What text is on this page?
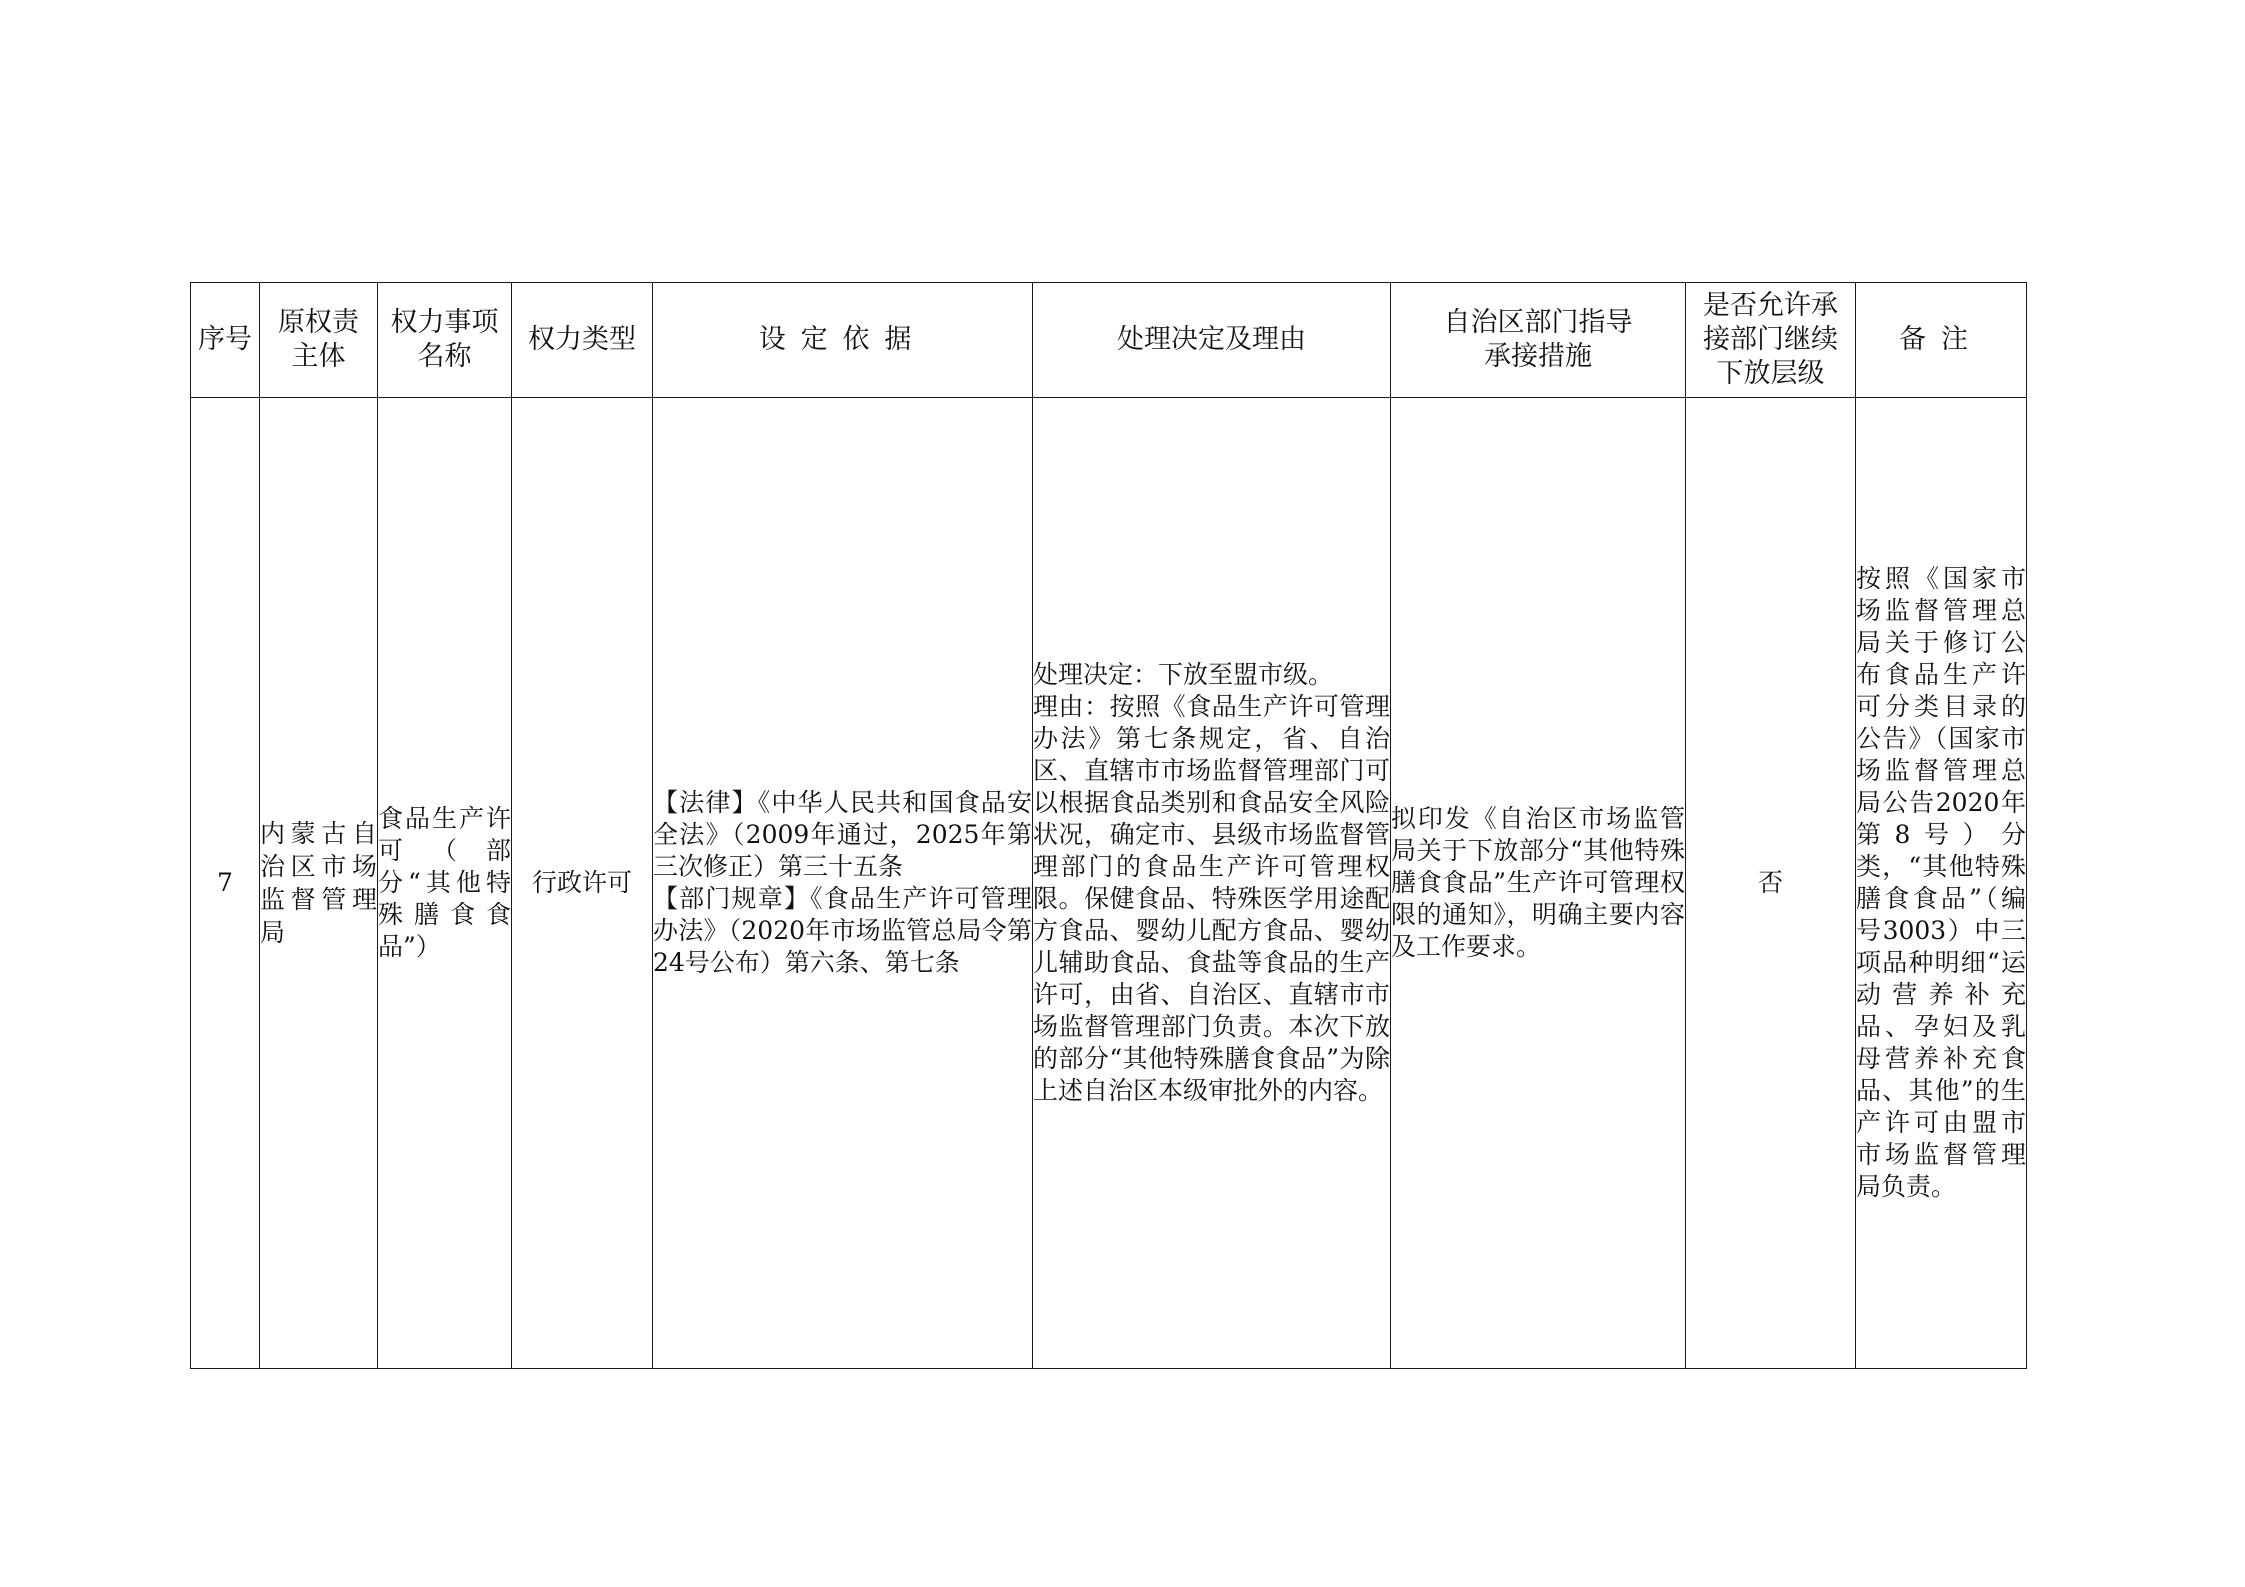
序号	原权责主体	权力事项名称	权力类型	设定依据	处理决定及理由	自治区部门指导承接措施	是否允许承接部门继续下放层级	备注
7	内蒙古自治区市场监督管理局	食品生产许可（部分“其他特殊膳食食品”）	行政许可	【法律】《中华人民共和国食品安全法》（2009年通过，2025年第三次修正）第三十五条
【部门规章】《食品生产许可管理办法》（2020年市场监管总局令第24号公布）第六条、第七条	处理决定：下放至盟市级。
理由：按照《食品生产许可管理办法》第七条规定，省、自治区、直辖市市场监督管理部门可以根据食品类别和食品安全风险状况，确定市、县级市场监督管理部门的食品生产许可管理权限。保健食品、特殊医学用途配方食品、婴幼儿配方食品、婴幼儿辅助食品、食盐等食品的生产许可，由省、自治区、直辖市市场监督管理部门负责。本次下放的部分“其他特殊膳食食品”为除上述自治区本级审批外的内容。	拟印发《自治区市场监管局关于下放部分“其他特殊膳食食品”生产许可管理权限的通知》，明确主要内容及工作要求。	否	按照《国家市场监督管理总局关于修订公布食品生产许可分类目录的公告》（国家市场监督管理总局公告2020年第8号）分类，“其他特殊膳食食品”（编号3003）中三项品种明细“运动营养补充品、孕妇及乳母营养补充食品、其他”的生产许可由盟市市场监督管理局负责。
